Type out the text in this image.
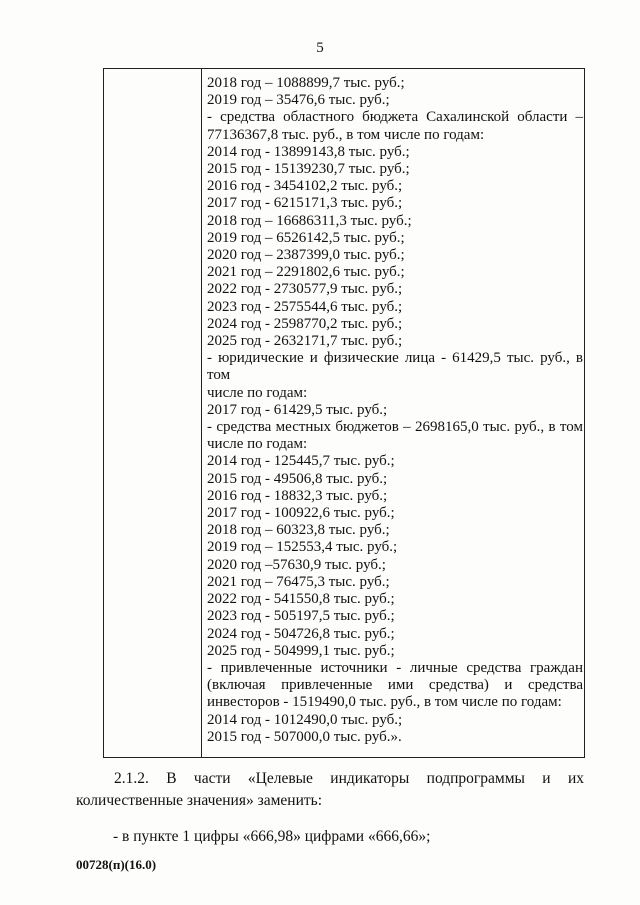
5
2018 год – 1088899,7 тыс. руб.;
2019 год – 35476,6 тыс. руб.;
- средства областного бюджета Сахалинской области –
77136367,8 тыс. руб., в том числе по годам:
2014 год - 13899143,8 тыс. руб.;
2015 год - 15139230,7 тыс. руб.;
2016 год - 3454102,2 тыс. руб.;
2017 год - 6215171,3 тыс. руб.;
2018 год – 16686311,3 тыс. руб.;
2019 год – 6526142,5 тыс. руб.;
2020 год – 2387399,0 тыс. руб.;
2021 год – 2291802,6 тыс. руб.;
2022 год - 2730577,9 тыс. руб.;
2023 год - 2575544,6 тыс. руб.;
2024 год - 2598770,2 тыс. руб.;
2025 год - 2632171,7 тыс. руб.;
- юридические и физические лица - 61429,5 тыс. руб., в том
числе по годам:
2017 год - 61429,5 тыс. руб.;
- средства местных бюджетов – 2698165,0 тыс. руб., в том
числе по годам:
2014 год - 125445,7 тыс. руб.;
2015 год - 49506,8 тыс. руб.;
2016 год - 18832,3 тыс. руб.;
2017 год - 100922,6 тыс. руб.;
2018 год – 60323,8 тыс. руб.;
2019 год – 152553,4 тыс. руб.;
2020 год –57630,9 тыс. руб.;
2021 год – 76475,3 тыс. руб.;
2022 год - 541550,8 тыс. руб.;
2023 год - 505197,5 тыс. руб.;
2024 год - 504726,8 тыс. руб.;
2025 год - 504999,1 тыс. руб.;
- привлеченные источники - личные средства граждан
(включая привлеченные ими средства) и средства
инвесторов - 1519490,0 тыс. руб., в том числе по годам:
2014 год - 1012490,0 тыс. руб.;
2015 год - 507000,0 тыс. руб.».
2.1.2. В части «Целевые индикаторы подпрограммы и их количественные значения» заменить:
- в пункте 1 цифры «666,98» цифрами «666,66»;
00728(п)(16.0)
